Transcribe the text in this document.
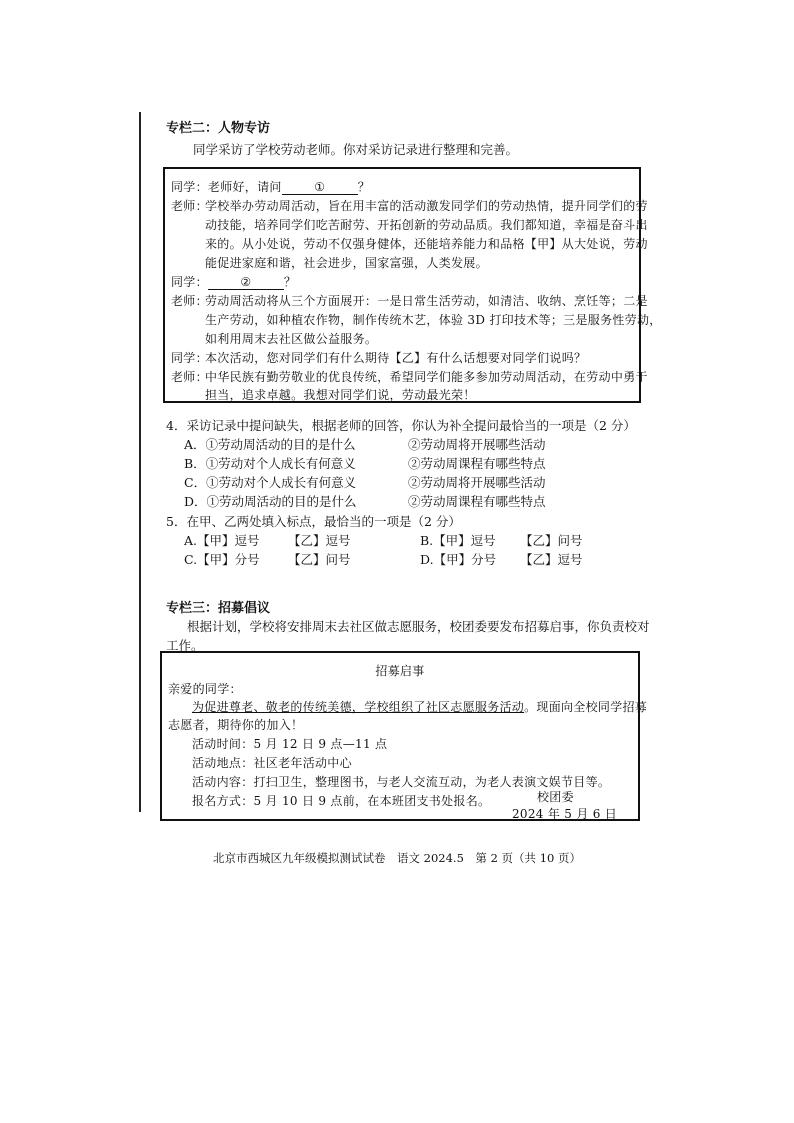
专栏二：人物专访
同学采访了学校劳动老师。你对采访记录进行整理和完善。
同学：老师好，请问	①	？
老师：
学校举办劳动周活动，旨在用丰富的活动激发同学们的劳动热情，提升同学们的劳
动技能，培养同学们吃苦耐劳、开拓创新的劳动品质。我们都知道，幸福是奋斗出
来的。从小处说，劳动不仅强身健体，还能培养能力和品格【甲】从大处说，劳动
能促进家庭和谐，社会进步，国家富强，人类发展。
同学：	②	？
老师：
劳动周活动将从三个方面展开：一是日常生活劳动，如清洁、收纳、烹饪等；二是
生产劳动，如种植农作物，制作传统木艺，体验 3D 打印技术等；三是服务性劳动，
如利用周末去社区做公益服务。
同学：
本次活动，您对同学们有什么期待【乙】有什么话想要对同学们说吗？
老师：
中华民族有勤劳敬业的优良传统，希望同学们能多参加劳动周活动，在劳动中勇于
担当，追求卓越。我想对同学们说，劳动最光荣！
4．采访记录中提问缺失，根据老师的回答，你认为补全提问最恰当的一项是（2 分）
A．①劳动周活动的目的是什么	②劳动周将开展哪些活动
B．①劳动对个人成长有何意义	②劳动周课程有哪些特点
C．①劳动对个人成长有何意义	②劳动周将开展哪些活动
D．①劳动周活动的目的是什么	②劳动周课程有哪些特点
5．在甲、乙两处填入标点，最恰当的一项是（2 分）
A.【甲】逗号 【乙】逗号	B.【甲】逗号 【乙】问号
C.【甲】分号 【乙】问号	D.【甲】分号 【乙】逗号
专栏三：招募倡议
根据计划，学校将安排周末去社区做志愿服务，校团委要发布招募启事，你负责校对
工作。
招募启事
亲爱的同学：
为促进尊老、敬老的传统美德，学校组织了社区志愿服务活动。现面向全校同学招募
志愿者，期待你的加入！
活动时间：5 月 12 日 9 点—11 点
活动地点：社区老年活动中心
活动内容：打扫卫生，整理图书，与老人交流互动，为老人表演文娱节目等。
报名方式：5 月 10 日 9 点前，在本班团支书处报名。	校团委
2024 年 5 月 6 日
北京市西城区九年级模拟测试试卷　语文 2024.5　第 2 页（共 10 页）
